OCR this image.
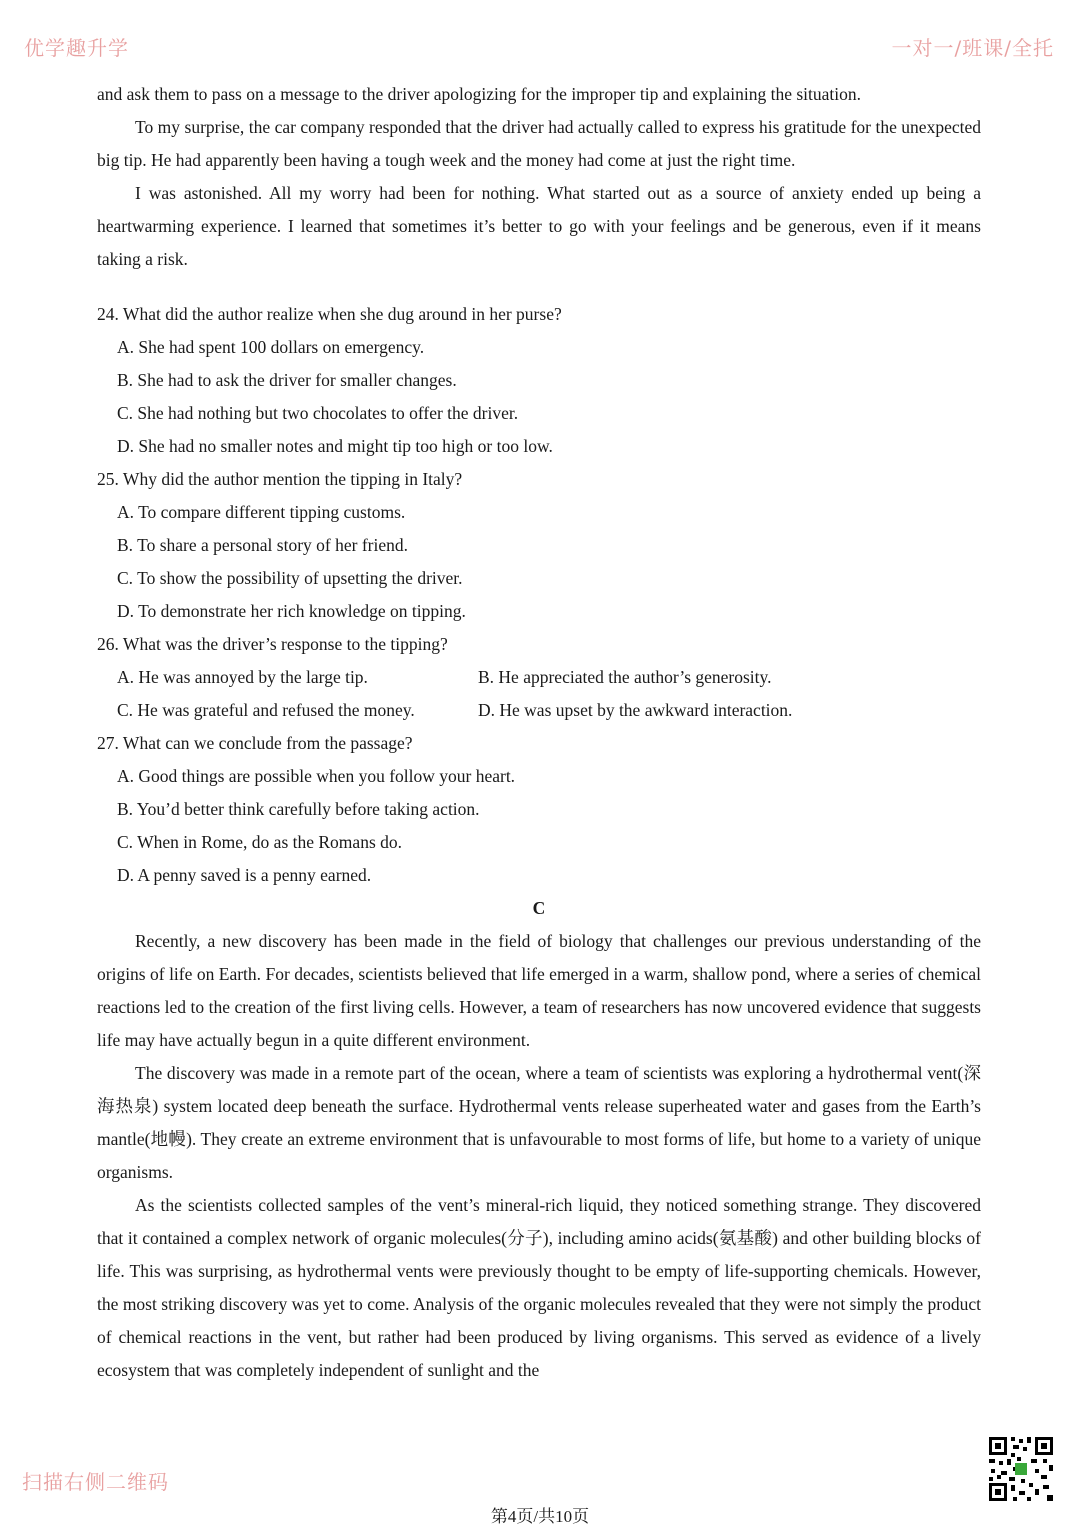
优学趣升学	一对一/班课/全托

and ask them to pass on a message to the driver apologizing for the improper tip and explaining the situation.

To my surprise, the car company responded that the driver had actually called to express his gratitude for the unexpected big tip. He had apparently been having a tough week and the money had come at just the right time.

I was astonished. All my worry had been for nothing. What started out as a source of anxiety ended up being a heartwarming experience. I learned that sometimes it’s better to go with your feelings and be generous, even if it means taking a risk.

24. What did the author realize when she dug around in her purse?

A. She had spent 100 dollars on emergency.

B. She had to ask the driver for smaller changes.

C. She had nothing but two chocolates to offer the driver.

D. She had no smaller notes and might tip too high or too low.

25. Why did the author mention the tipping in Italy?

A. To compare different tipping customs.

B. To share a personal story of her friend.

C. To show the possibility of upsetting the driver.

D. To demonstrate her rich knowledge on tipping.

26. What was the driver’s response to the tipping?

A. He was annoyed by the large tip.	B. He appreciated the author’s generosity.
C. He was grateful and refused the money.	D. He was upset by the awkward interaction.

27. What can we conclude from the passage?

A. Good things are possible when you follow your heart.

B. You’d better think carefully before taking action.

C. When in Rome, do as the Romans do.

D. A penny saved is a penny earned.

C

Recently, a new discovery has been made in the field of biology that challenges our previous understanding of the origins of life on Earth. For decades, scientists believed that life emerged in a warm, shallow pond, where a series of chemical reactions led to the creation of the first living cells. However, a team of researchers has now uncovered evidence that suggests life may have actually begun in a quite different environment.

The discovery was made in a remote part of the ocean, where a team of scientists was exploring a hydrothermal vent(深海热泉) system located deep beneath the surface. Hydrothermal vents release superheated water and gases from the Earth’s mantle(地幔). They create an extreme environment that is unfavourable to most forms of life, but home to a variety of unique organisms.

As the scientists collected samples of the vent’s mineral-rich liquid, they noticed something strange. They discovered that it contained a complex network of organic molecules(分子), including amino acids(氨基酸) and other building blocks of life. This was surprising, as hydrothermal vents were previously thought to be empty of life-supporting chemicals. However, the most striking discovery was yet to come. Analysis of the organic molecules revealed that they were not simply the product of chemical reactions in the vent, but rather had been produced by living organisms. This served as evidence of a lively ecosystem that was completely independent of sunlight and the

扫描右侧二维码
第4页/共10页
